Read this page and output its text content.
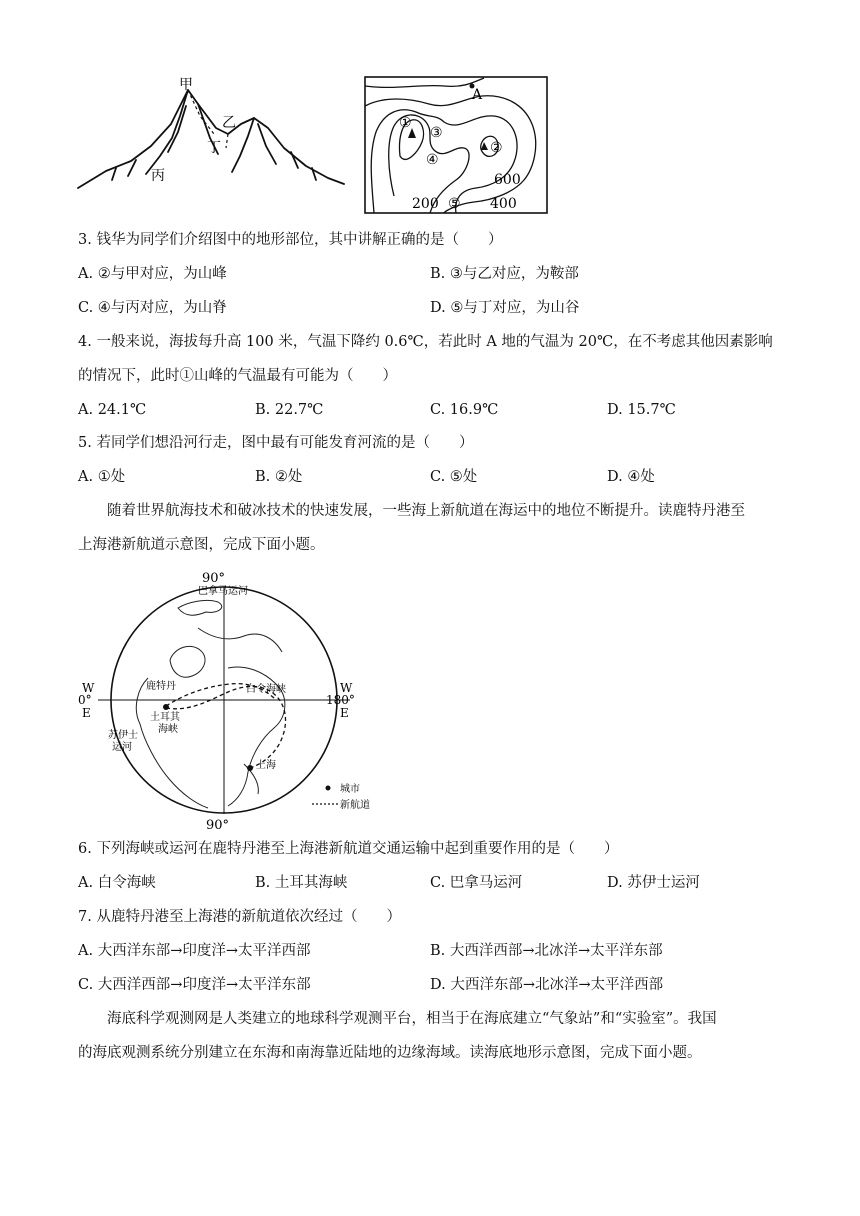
甲
乙
丁
丙
A
①
②
③
④
⑤
600
200	400
3. 钱华为同学们介绍图中的地形部位，其中讲解正确的是（　　）
A. ②与甲对应，为山峰	B. ③与乙对应，为鞍部
C. ④与丙对应，为山脊	D. ⑤与丁对应，为山谷
4. 一般来说，海拔每升高 100 米，气温下降约 0.6℃，若此时 A 地的气温为 20℃，在不考虑其他因素影响
的情况下，此时①山峰的气温最有可能为（　　）
A. 24.1℃	B. 22.7℃	C. 16.9℃	D. 15.7℃
5. 若同学们想沿河行走，图中最有可能发育河流的是（　　）
A. ①处	B. ②处	C. ⑤处	D. ④处
随着世界航海技术和破冰技术的快速发展，一些海上新航道在海运中的地位不断提升。读鹿特丹港至
上海港新航道示意图，完成下面小题。
90°
90°
W
0°
E
W
180°
E
巴拿马运河
鹿特丹	白令海峡
土耳其
海峡
苏伊士
运河
上海
城市
新航道
6. 下列海峡或运河在鹿特丹港至上海港新航道交通运输中起到重要作用的是（　　）
A. 白令海峡	B. 土耳其海峡	C. 巴拿马运河	D. 苏伊士运河
7. 从鹿特丹港至上海港的新航道依次经过（　　）
A. 大西洋东部→印度洋→太平洋西部	B. 大西洋西部→北冰洋→太平洋东部
C. 大西洋西部→印度洋→太平洋东部	D. 大西洋东部→北冰洋→太平洋西部
海底科学观测网是人类建立的地球科学观测平台，相当于在海底建立“气象站”和“实验室”。我国
的海底观测系统分别建立在东海和南海靠近陆地的边缘海域。读海底地形示意图，完成下面小题。
